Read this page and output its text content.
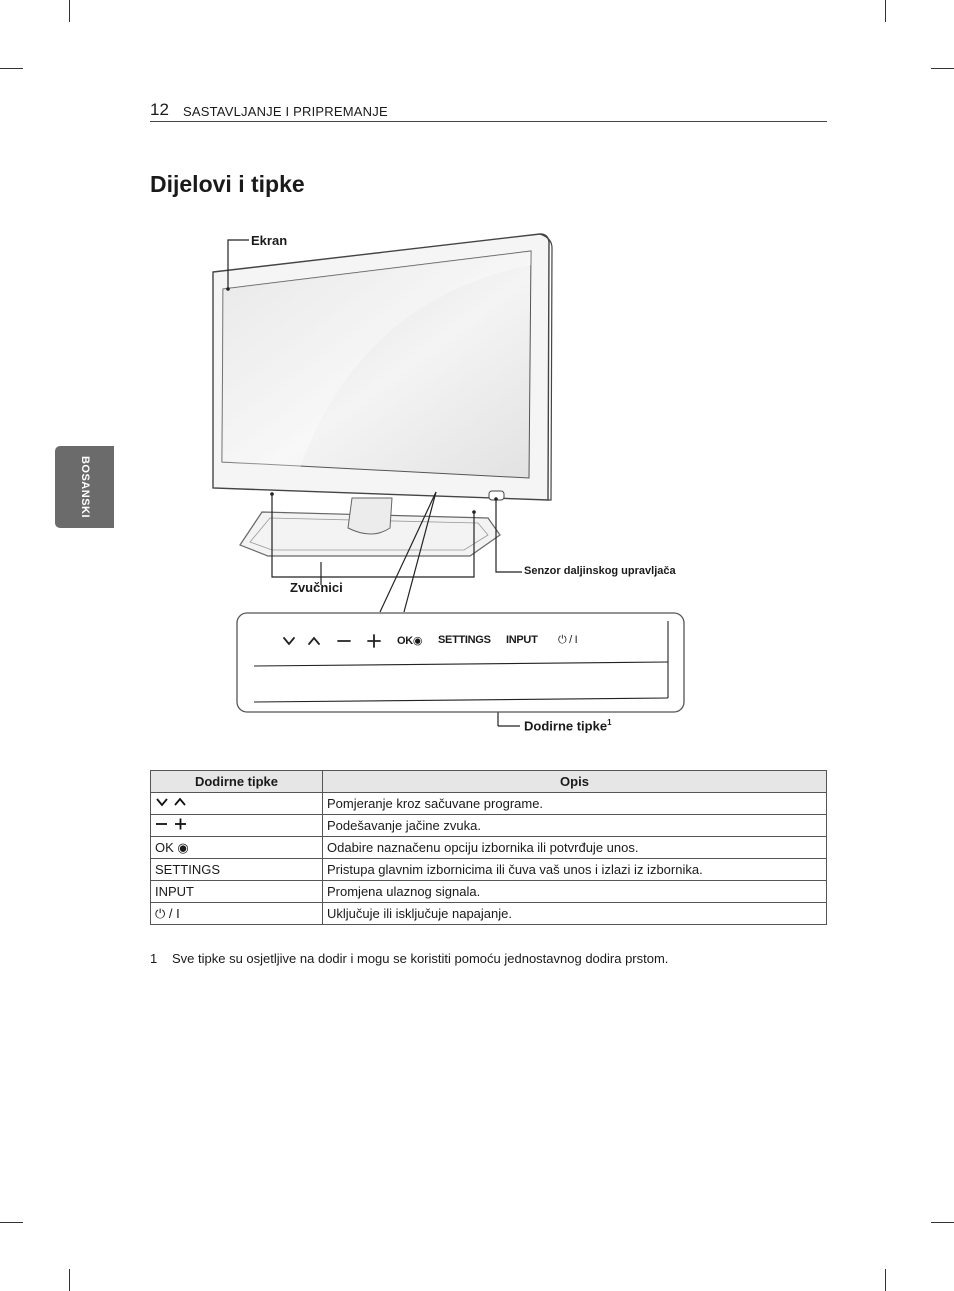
12 SASTAVLJANJE I PRIPREMANJE
Dijelovi i tipke
BOSANSKI
Ekran
Zvučnici
Senzor daljinskog upravljača
Dodirne tipke$^1$
OK◉ SETTINGS INPUT ⏻ / I
Dodirne tipke	Opis
	Pomjeranje kroz sačuvane programe.
	Podešavanje jačine zvuka.
OK ◉	Odabire naznačenu opciju izbornika ili potvrđuje unos.
SETTINGS	Pristupa glavnim izbornicima ili čuva vaš unos i izlazi iz izbornika.
INPUT	Promjena ulaznog signala.
⏻ / I	Uključuje ili isključuje napajanje.
1 Sve tipke su osjetljive na dodir i mogu se koristiti pomoću jednostavnog dodira prstom.
